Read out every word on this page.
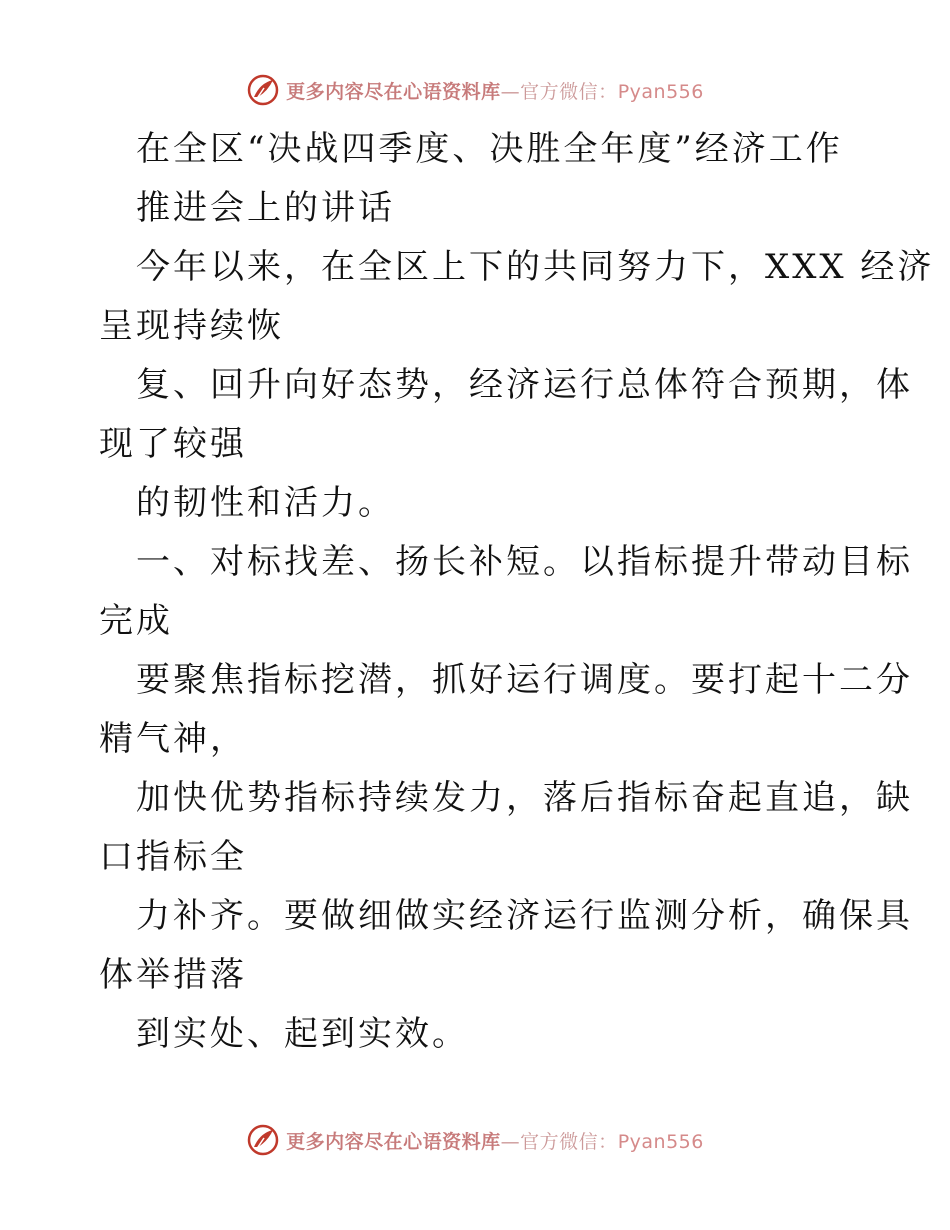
更多内容尽在心语资料库—官方微信：Pyan556
在全区“决战四季度、决胜全年度”经济工作
推进会上的讲话
今年以来，在全区上下的共同努力下，XXX 经济
呈现持续恢
复、回升向好态势，经济运行总体符合预期，体
现了较强
的韧性和活力。
一、对标找差、扬长补短。以指标提升带动目标
完成
要聚焦指标挖潜，抓好运行调度。要打起十二分
精气神，
加快优势指标持续发力，落后指标奋起直追，缺
口指标全
力补齐。要做细做实经济运行监测分析，确保具
体举措落
到实处、起到实效。
更多内容尽在心语资料库—官方微信：Pyan556
